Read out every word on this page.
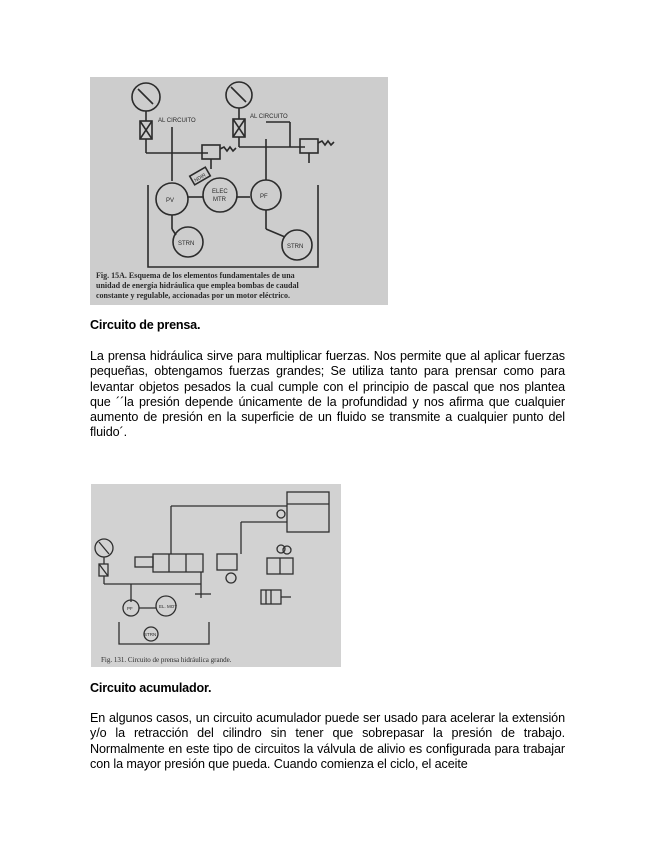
AL CIRCUITO
AL CIRCUITO
PV
ELEC
MTR
NDIR
PF
STRN	STRN
Fig. 15A. Esquema de los elementos fundamentales de una
unidad de energía hidráulica que emplea bombas de caudal
constante y regulable, accionadas por un motor eléctrico.
Circuito de prensa.
La prensa hidráulica sirve para multiplicar fuerzas. Nos permite que al aplicar fuerzas pequeñas, obtengamos fuerzas grandes; Se utiliza tanto para prensar como para levantar objetos pesados la cual cumple con el principio de pascal que nos plantea que ´´la presión depende únicamente de la profundidad y nos afirma que cualquier aumento de presión en la superficie de un fluido se transmite a cualquier punto del fluido´.
EL. MOT
PF
STRN
Fig. 131. Circuito de prensa hidráulica grande.
Circuito acumulador.
En algunos casos, un circuito acumulador puede ser usado para acelerar la extensión y/o la retracción del cilindro sin tener que sobrepasar la presión de trabajo. Normalmente en este tipo de circuitos la válvula de alivio es configurada para trabajar con la mayor presión que pueda. Cuando comienza el ciclo, el aceite
